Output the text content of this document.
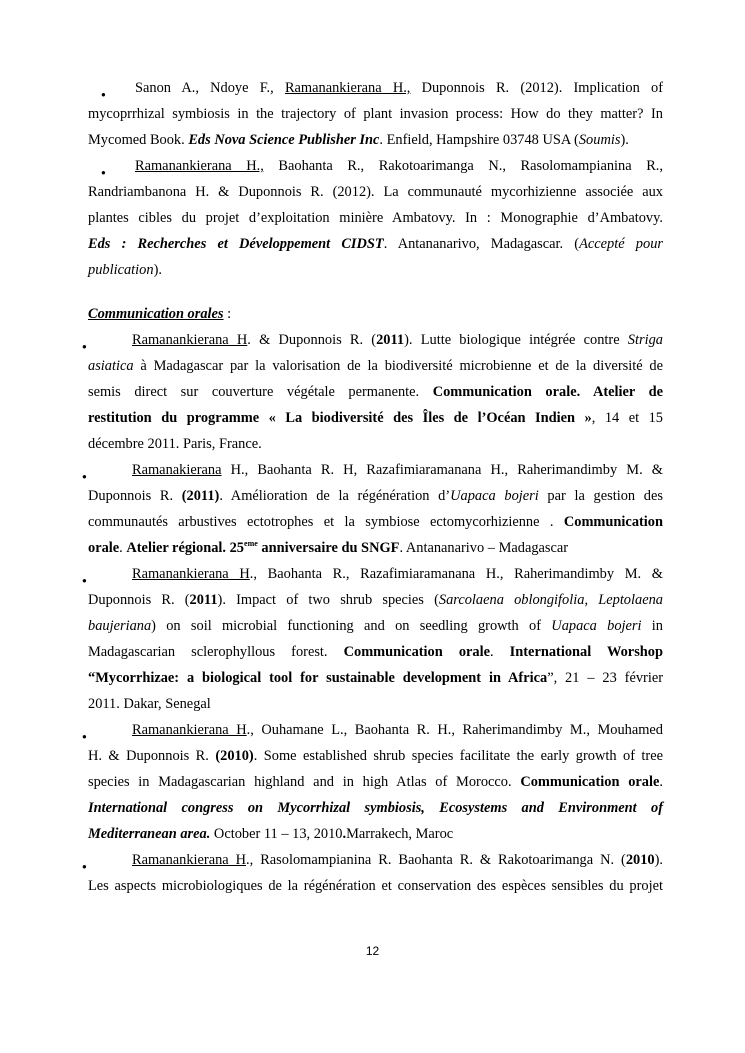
Sanon A., Ndoye F., Ramanankierana H., Duponnois R. (2012). Implication of
mycoprrhizal symbiosis in the trajectory of plant invasion process: How do they matter? In
Mycomed Book. Eds Nova Science Publisher Inc. Enfield, Hampshire 03748 USA (Soumis).
Ramanankierana H., Baohanta R., Rakotoarimanga N., Rasolomampianina R.,
Randriambanona H. & Duponnois R. (2012). La communauté mycorhizienne associée aux
plantes cibles du projet d’exploitation minière Ambatovy. In : Monographie d’Ambatovy.
Eds : Recherches et Développement CIDST. Antananarivo, Madagascar. (Accepté pour
publication).
Communication orales :
Ramanankierana H. & Duponnois R. (2011). Lutte biologique intégrée contre Striga
asiatica à Madagascar par la valorisation de la biodiversité microbienne et de la diversité de
semis direct sur couverture végétale permanente. Communication orale. Atelier de
restitution du programme « La biodiversité des Îles de l’Océan Indien », 14 et 15
décembre 2011. Paris, France.
Ramanakierana H., Baohanta R. H, Razafimiaramanana H., Raherimandimby M. &
Duponnois R. (2011). Amélioration de la régénération d’Uapaca bojeri par la gestion des
communautés arbustives ectotrophes et la symbiose ectomycorhizienne . Communication
orale. Atelier régional. 25eme anniversaire du SNGF. Antananarivo – Madagascar
Ramanankierana H., Baohanta R., Razafimiaramanana H., Raherimandimby M. &
Duponnois R. (2011). Impact of two shrub species (Sarcolaena oblongifolia, Leptolaena
baujeriana) on soil microbial functioning and on seedling growth of Uapaca bojeri in
Madagascarian sclerophyllous forest. Communication orale. International Worshop
“Mycorrhizae: a biological tool for sustainable development in Africa”, 21 – 23 février
2011. Dakar, Senegal
Ramanankierana H., Ouhamane L., Baohanta R. H., Raherimandimby M., Mouhamed
H. & Duponnois R. (2010). Some established shrub species facilitate the early growth of tree
species in Madagascarian highland and in high Atlas of Morocco. Communication orale.
International congress on Mycorrhizal symbiosis, Ecosystems and Environment of
Mediterranean area. October 11 – 13, 2010.Marrakech, Maroc
Ramanankierana H., Rasolomampianina R. Baohanta R. & Rakotoarimanga N. (2010).
Les aspects microbiologiques de la régénération et conservation des espèces sensibles du projet
12
